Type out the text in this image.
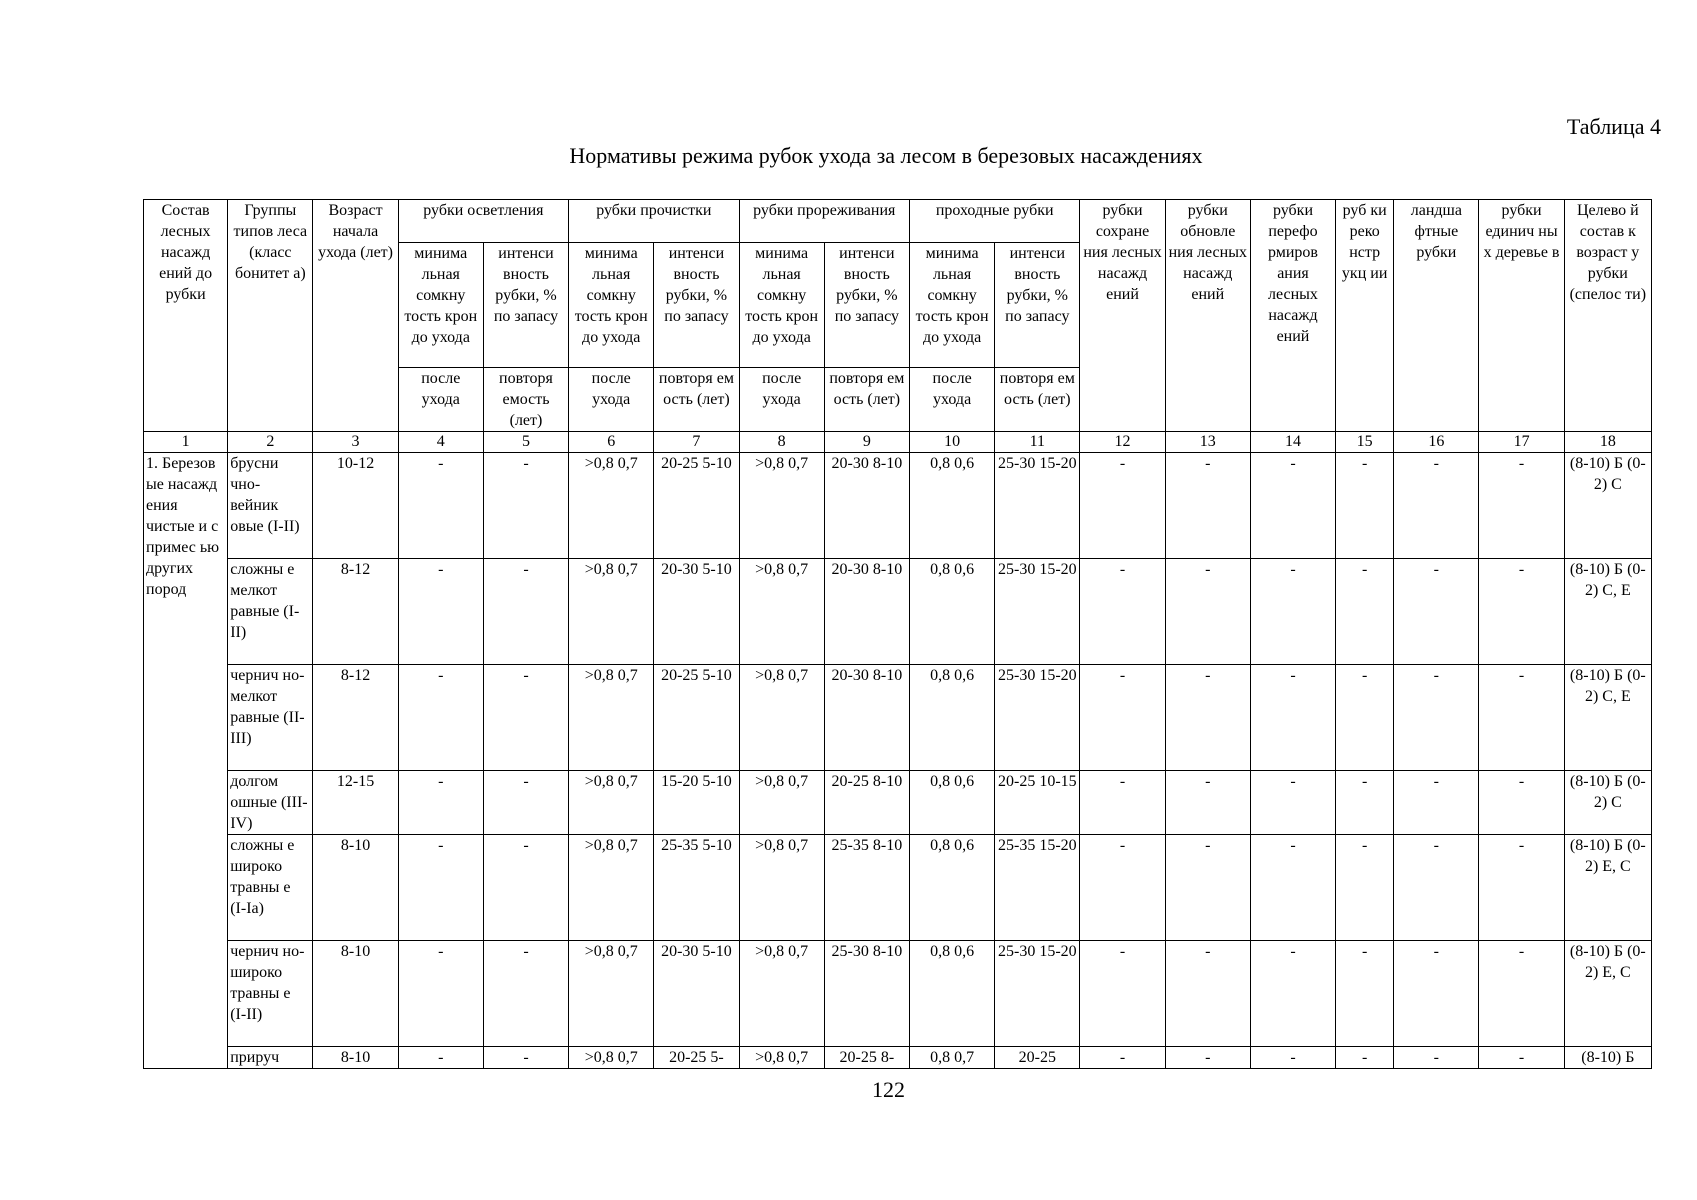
Таблица 4
Нормативы режима рубок ухода за лесом в березовых насаждениях
Состав лесных насажд ений до рубки	Группы типов леса (класс бонитет а)	Возраст начала ухода (лет)	рубки осветления		рубки прочистки		рубки прореживания		проходные рубки		рубки сохране ния лесных насажд ений	рубки обновле ния лесных насажд ений	рубки перефо рмиров ания лесных насажд ений	руб ки реко нстр укц ии	ландша фтные рубки	рубки единич ны х деревье в	Целево й состав к возраст у рубки (спелос ти)
			минима льная сомкну тость крон до ухода	интенси вность рубки, % по запасу	минима льная сомкну тость крон до ухода	интенси вность рубки, % по запасу	минима льная сомкну тость крон до ухода	интенси вность рубки, % по запасу	минима льная сомкну тость крон до ухода	интенси вность рубки, % по запасу							
			после ухода	повторя емость (лет)	после ухода	повторя ем ость (лет)	после ухода	повторя ем ость (лет)	после ухода	повторя ем ость (лет)							
1	2	3	4	5	6	7	8	9	10	11	12	13	14	15	16	17	18
1. Березов ые насажд ения чистые и с примес ью других пород	брусни чно- вейник овые (I-II)	10-12	-	-	>0,8 0,7	20-25 5-10	>0,8 0,7	20-30 8-10	0,8 0,6	25-30 15-20	-	-	-	-	-	-	(8-10) Б (0-2) С
	сложны е мелкот равные (I-II)	8-12	-	-	>0,8 0,7	20-30 5-10	>0,8 0,7	20-30 8-10	0,8 0,6	25-30 15-20	-	-	-	-	-	-	(8-10) Б (0-2) С, Е
	чернич но- мелкот равные (II-III)	8-12	-	-	>0,8 0,7	20-25 5-10	>0,8 0,7	20-30 8-10	0,8 0,6	25-30 15-20	-	-	-	-	-	-	(8-10) Б (0-2) С, Е
	долгом ошные (III-IV)	12-15	-	-	>0,8 0,7	15-20 5-10	>0,8 0,7	20-25 8-10	0,8 0,6	20-25 10-15	-	-	-	-	-	-	(8-10) Б (0-2) С
	сложны е широко травны е (I-Ia)	8-10	-	-	>0,8 0,7	25-35 5-10	>0,8 0,7	25-35 8-10	0,8 0,6	25-35 15-20	-	-	-	-	-	-	(8-10) Б (0-2) Е, С
	чернич но- широко травны е (I-II)	8-10	-	-	>0,8 0,7	20-30 5-10	>0,8 0,7	25-30 8-10	0,8 0,6	25-30 15-20	-	-	-	-	-	-	(8-10) Б (0-2) Е, С
	прируч	8-10	-	-	>0,8 0,7	20-25 5-	>0,8 0,7	20-25 8-	0,8 0,7	20-25	-	-	-	-	-	-	(8-10) Б
122
